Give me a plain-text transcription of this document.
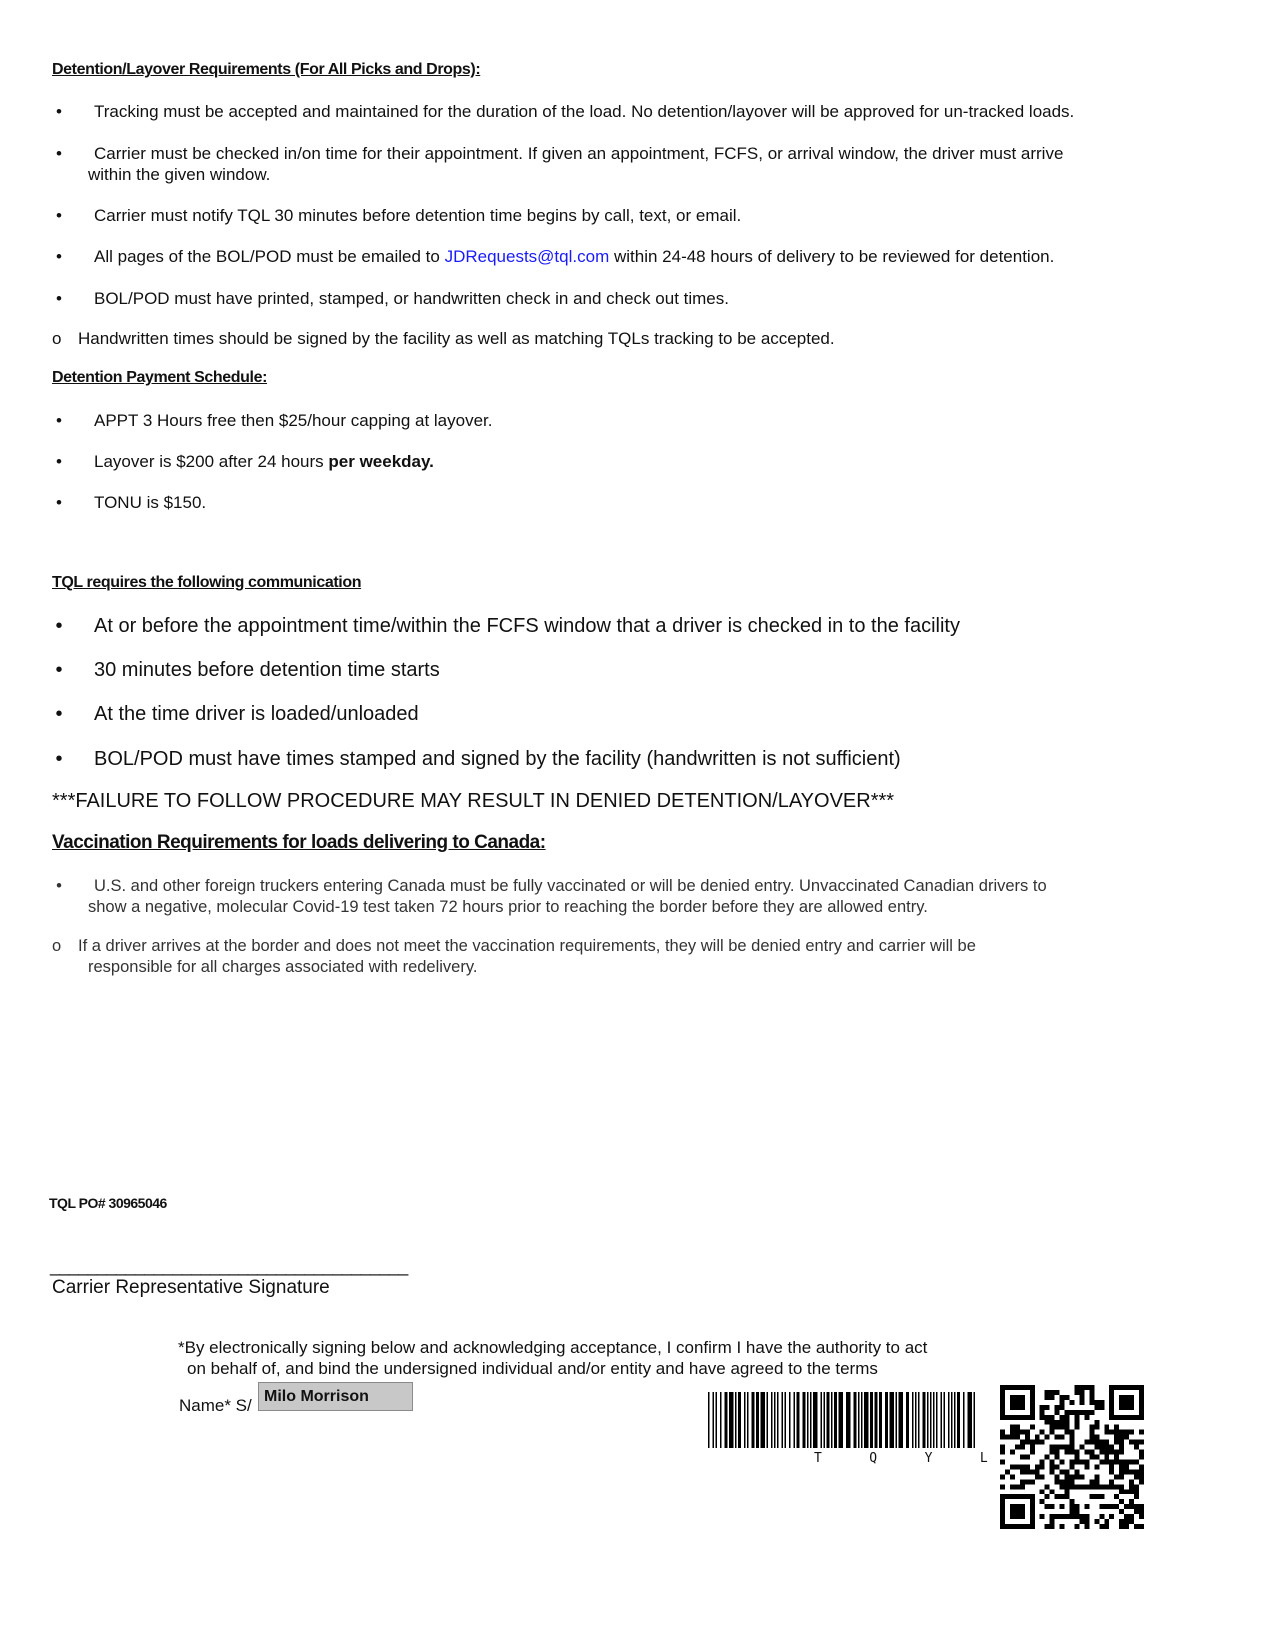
Detention/Layover Requirements (For All Picks and Drops):
• Tracking must be accepted and maintained for the duration of the load. No detention/layover will be approved for un-tracked loads.
• Carrier must be checked in/on time for their appointment. If given an appointment, FCFS, or arrival window, the driver must arrive
within the given window.
• Carrier must notify TQL 30 minutes before detention time begins by call, text, or email.
• All pages of the BOL/POD must be emailed to JDRequests@tql.com within 24-48 hours of delivery to be reviewed for detention.
• BOL/POD must have printed, stamped, or handwritten check in and check out times.
o Handwritten times should be signed by the facility as well as matching TQLs tracking to be accepted.
Detention Payment Schedule:
• APPT 3 Hours free then $25/hour capping at layover.
• Layover is $200 after 24 hours per weekday.
• TONU is $150.
TQL requires the following communication
• At or before the appointment time/within the FCFS window that a driver is checked in to the facility
• 30 minutes before detention time starts
• At the time driver is loaded/unloaded
• BOL/POD must have times stamped and signed by the facility (handwritten is not sufficient)
***FAILURE TO FOLLOW PROCEDURE MAY RESULT IN DENIED DETENTION/LAYOVER***
Vaccination Requirements for loads delivering to Canada:
• U.S. and other foreign truckers entering Canada must be fully vaccinated or will be denied entry. Unvaccinated Canadian drivers to
show a negative, molecular Covid-19 test taken 72 hours prior to reaching the border before they are allowed entry.
o If a driver arrives at the border and does not meet the vaccination requirements, they will be denied entry and carrier will be
responsible for all charges associated with redelivery.
TQL PO# 30965046
______________________________________
Carrier Representative Signature
*By electronically signing below and acknowledging acceptance, I confirm I have the authority to act
on behalf of, and bind the undersigned individual and/or entity and have agreed to the terms
Name* S/ Milo Morrison
T   Q   Y   L
